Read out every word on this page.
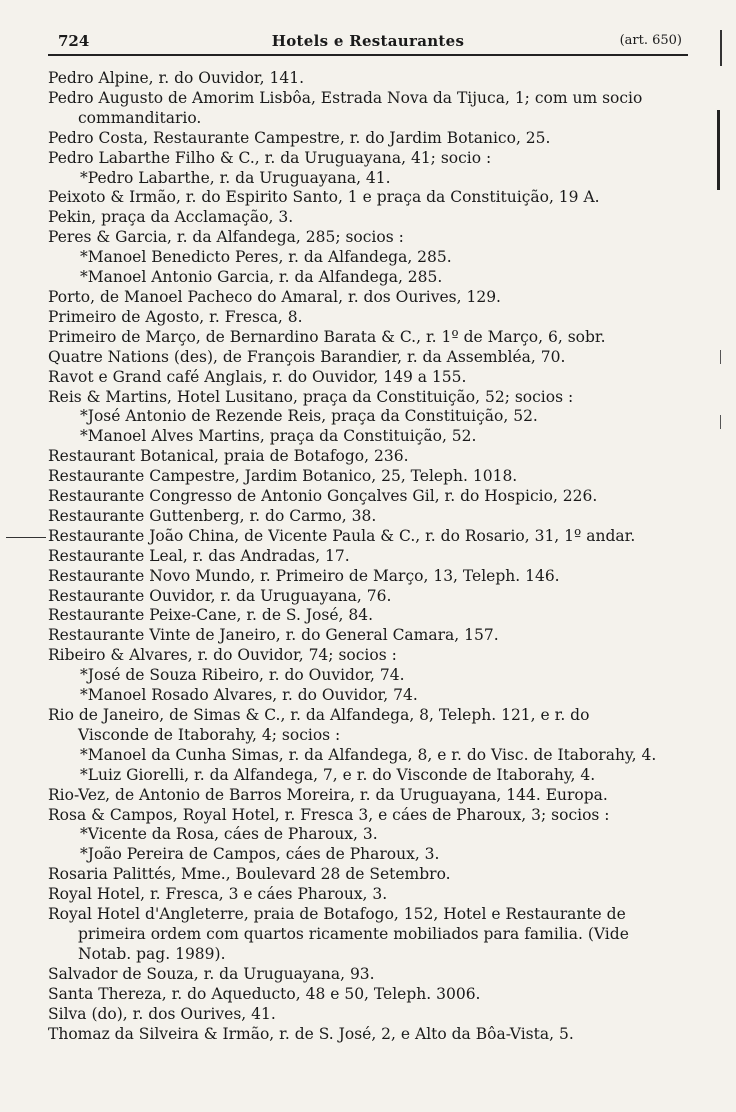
724	Hotels e Restaurantes	(art. 650)
Pedro Alpine, r. do Ouvidor, 141.
Pedro Augusto de Amorim Lisbôa, Estrada Nova da Tijuca, 1; com um socio
commanditario.
Pedro Costa, Restaurante Campestre, r. do Jardim Botanico, 25.
Pedro Labarthe Filho & C., r. da Uruguayana, 41; socio :
*Pedro Labarthe, r. da Uruguayana, 41.
Peixoto & Irmão, r. do Espirito Santo, 1 e praça da Constituição, 19 A.
Pekin, praça da Acclamação, 3.
Peres & Garcia, r. da Alfandega, 285; socios :
*Manoel Benedicto Peres, r. da Alfandega, 285.
*Manoel Antonio Garcia, r. da Alfandega, 285.
Porto, de Manoel Pacheco do Amaral, r. dos Ourives, 129.
Primeiro de Agosto, r. Fresca, 8.
Primeiro de Março, de Bernardino Barata & C., r. 1º de Março, 6, sobr.
Quatre Nations (des), de François Barandier, r. da Assembléa, 70.
Ravot e Grand café Anglais, r. do Ouvidor, 149 a 155.
Reis & Martins, Hotel Lusitano, praça da Constituição, 52; socios :
*José Antonio de Rezende Reis, praça da Constituição, 52.
*Manoel Alves Martins, praça da Constituição, 52.
Restaurant Botanical, praia de Botafogo, 236.
Restaurante Campestre, Jardim Botanico, 25, Teleph. 1018.
Restaurante Congresso de Antonio Gonçalves Gil, r. do Hospicio, 226.
Restaurante Guttenberg, r. do Carmo, 38.
Restaurante João China, de Vicente Paula & C., r. do Rosario, 31, 1º andar.
Restaurante Leal, r. das Andradas, 17.
Restaurante Novo Mundo, r. Primeiro de Março, 13, Teleph. 146.
Restaurante Ouvidor, r. da Uruguayana, 76.
Restaurante Peixe-Cane, r. de S. José, 84.
Restaurante Vinte de Janeiro, r. do General Camara, 157.
Ribeiro & Alvares, r. do Ouvidor, 74; socios :
*José de Souza Ribeiro, r. do Ouvidor, 74.
*Manoel Rosado Alvares, r. do Ouvidor, 74.
Rio de Janeiro, de Simas & C., r. da Alfandega, 8, Teleph. 121, e r. do
Visconde de Itaborahy, 4; socios :
*Manoel da Cunha Simas, r. da Alfandega, 8, e r. do Visc. de Itaborahy, 4.
*Luiz Giorelli, r. da Alfandega, 7, e r. do Visconde de Itaborahy, 4.
Rio-Vez, de Antonio de Barros Moreira, r. da Uruguayana, 144. Europa.
Rosa & Campos, Royal Hotel, r. Fresca 3, e cáes de Pharoux, 3; socios :
*Vicente da Rosa, cáes de Pharoux, 3.
*João Pereira de Campos, cáes de Pharoux, 3.
Rosaria Palittés, Mme., Boulevard 28 de Setembro.
Royal Hotel, r. Fresca, 3 e cáes Pharoux, 3.
Royal Hotel d'Angleterre, praia de Botafogo, 152, Hotel e Restaurante de
primeira ordem com quartos ricamente mobiliados para familia. (Vide
Notab. pag. 1989).
Salvador de Souza, r. da Uruguayana, 93.
Santa Thereza, r. do Aqueducto, 48 e 50, Teleph. 3006.
Silva (do), r. dos Ourives, 41.
Thomaz da Silveira & Irmão, r. de S. José, 2, e Alto da Bôa-Vista, 5.
